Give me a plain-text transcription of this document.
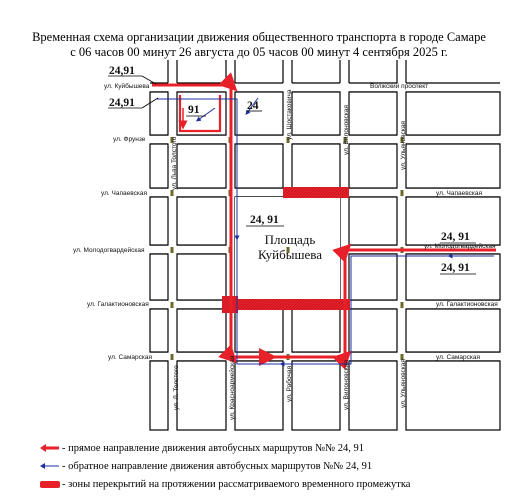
Временная схема организации движения общественного транспорта в городе Самаре
с 06 часов 00 минут 26 августа до 05 часов 00 минут 4 сентября 2025 г.
ул. Куйбышева
ул. Фрунзе
ул. Чапаевская	ул. Чапаевская
ул. Молодогвардейская
ул. Молодогвардейская
ул. Галактионовская	ул. Галактионовская
ул. Самарская	ул. Самарская
Волжский проспект
ул. Льва Толстого
ул. Л. Толстого	ул. Красноармейская
ул. Шостаковича
ул. Рабочая
ул. Вилоновская
ул. Вилоновская
ул. Ульяновская
ул. Ульяновская
Площадь
Куйбышева
24,91
24,91
91	24
24, 91
24, 91
24, 91
- прямое направление движения автобусных маршрутов №№ 24, 91
- обратное направление движения автобусных маршрутов №№ 24, 91
- зоны перекрытий на протяжении рассматриваемого временного промежутка
